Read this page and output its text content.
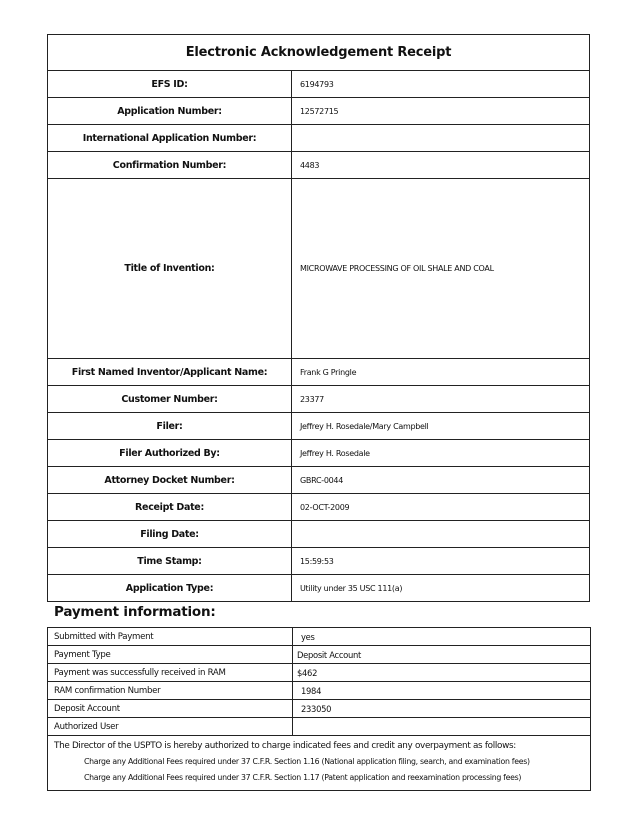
Electronic Acknowledgement Receipt
EFS ID:	6194793
Application Number:	12572715
International Application Number:
Confirmation Number:	4483
Title of Invention:	MICROWAVE PROCESSING OF OIL SHALE AND COAL
First Named Inventor/Applicant Name:	Frank G Pringle
Customer Number:	23377
Filer:	Jeffrey H. Rosedale/Mary Campbell
Filer Authorized By:	Jeffrey H. Rosedale
Attorney Docket Number:	GBRC-0044
Receipt Date:	02-OCT-2009
Filing Date:
Time Stamp:	15:59:53
Application Type:	Utility under 35 USC 111(a)
Payment information:
Submitted with Payment	yes
Payment Type	Deposit Account
Payment was successfully received in RAM	$462
RAM confirmation Number	1984
Deposit Account	233050
Authorized User
The Director of the USPTO is hereby authorized to charge indicated fees and credit any overpayment as follows:
Charge any Additional Fees required under 37 C.F.R. Section 1.16 (National application filing, search, and examination fees)
Charge any Additional Fees required under 37 C.F.R. Section 1.17 (Patent application and reexamination processing fees)
